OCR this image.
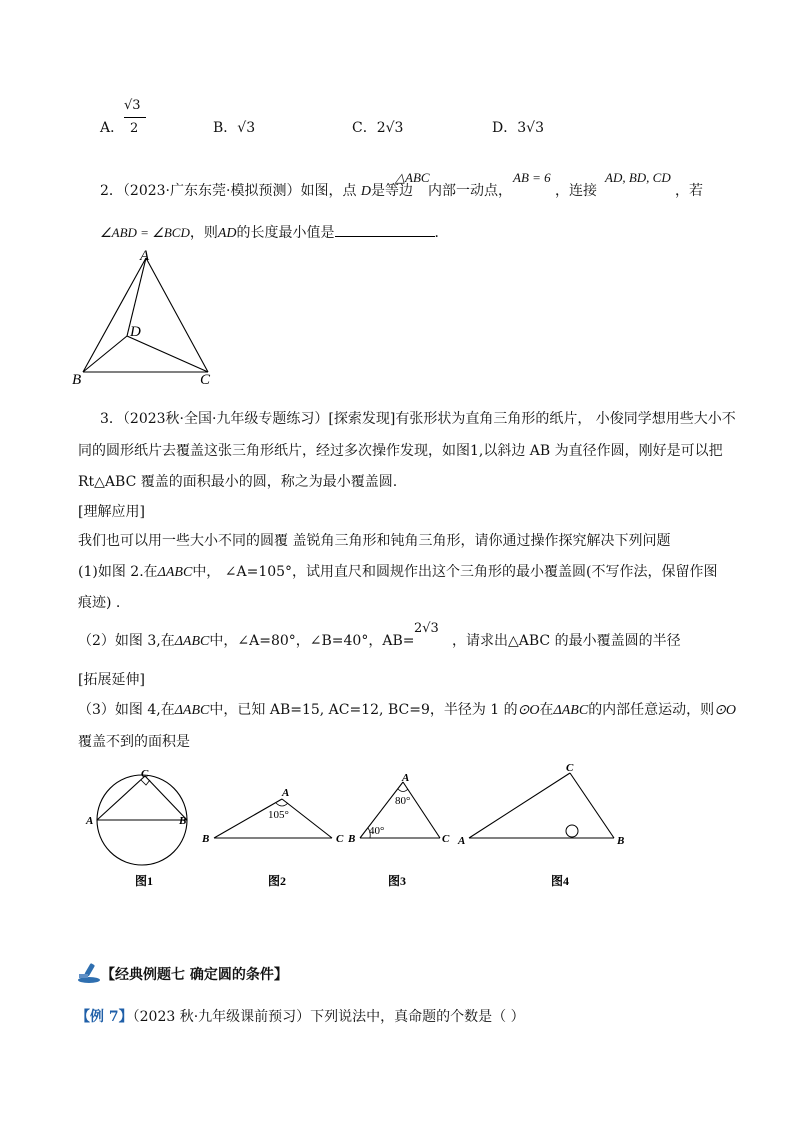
A．
√3
2	B．√3	C．2√3	D．3√3
2．（2023·广东东莞·模拟预测）如图，点 D是等边
△ABC
内部一动点，
AB = 6
，连接
AD, BD, CD
，若
∠ABD = ∠BCD，则AD的长度最小值是	．
A
B	C
D
3．（2023秋·全国·九年级专题练习）[探索发现]有张形状为直角三角形的纸片， 小俊同学想用些大小不
同的圆形纸片去覆盖这张三角形纸片，经过多次操作发现，如图1,以斜边 AB 为直径作圆，刚好是可以把
Rt△ABC 覆盖的面积最小的圆，称之为最小覆盖圆.
[理解应用]
我们也可以用一些大小不同的圆覆 盖锐角三角形和钝角三角形，请你通过操作探究解决下列问题
(1)如图 2.在ΔABC中， ∠A=105°，试用直尺和圆规作出这个三角形的最小覆盖圆(不写作法，保留作图
痕迹) .
（2）如图 3,在ΔABC中，∠A=80°，∠B=40°，AB=
2√3
，请求出△ABC 的最小覆盖圆的半径
[拓展延伸]
（3）如图 4,在ΔABC中，已知 AB=15, AC=12, BC=9，半径为 1 的⊙O在ΔABC的内部任意运动，则⊙O
覆盖不到的面积是
C
A	B
图1
A
B	C
105°
图2
A
B	C
80°
40°
图3
C
A	B
图4
【经典例题七 确定圆的条件】
【例 7】（2023 秋·九年级课前预习）下列说法中，真命题的个数是（ ）
